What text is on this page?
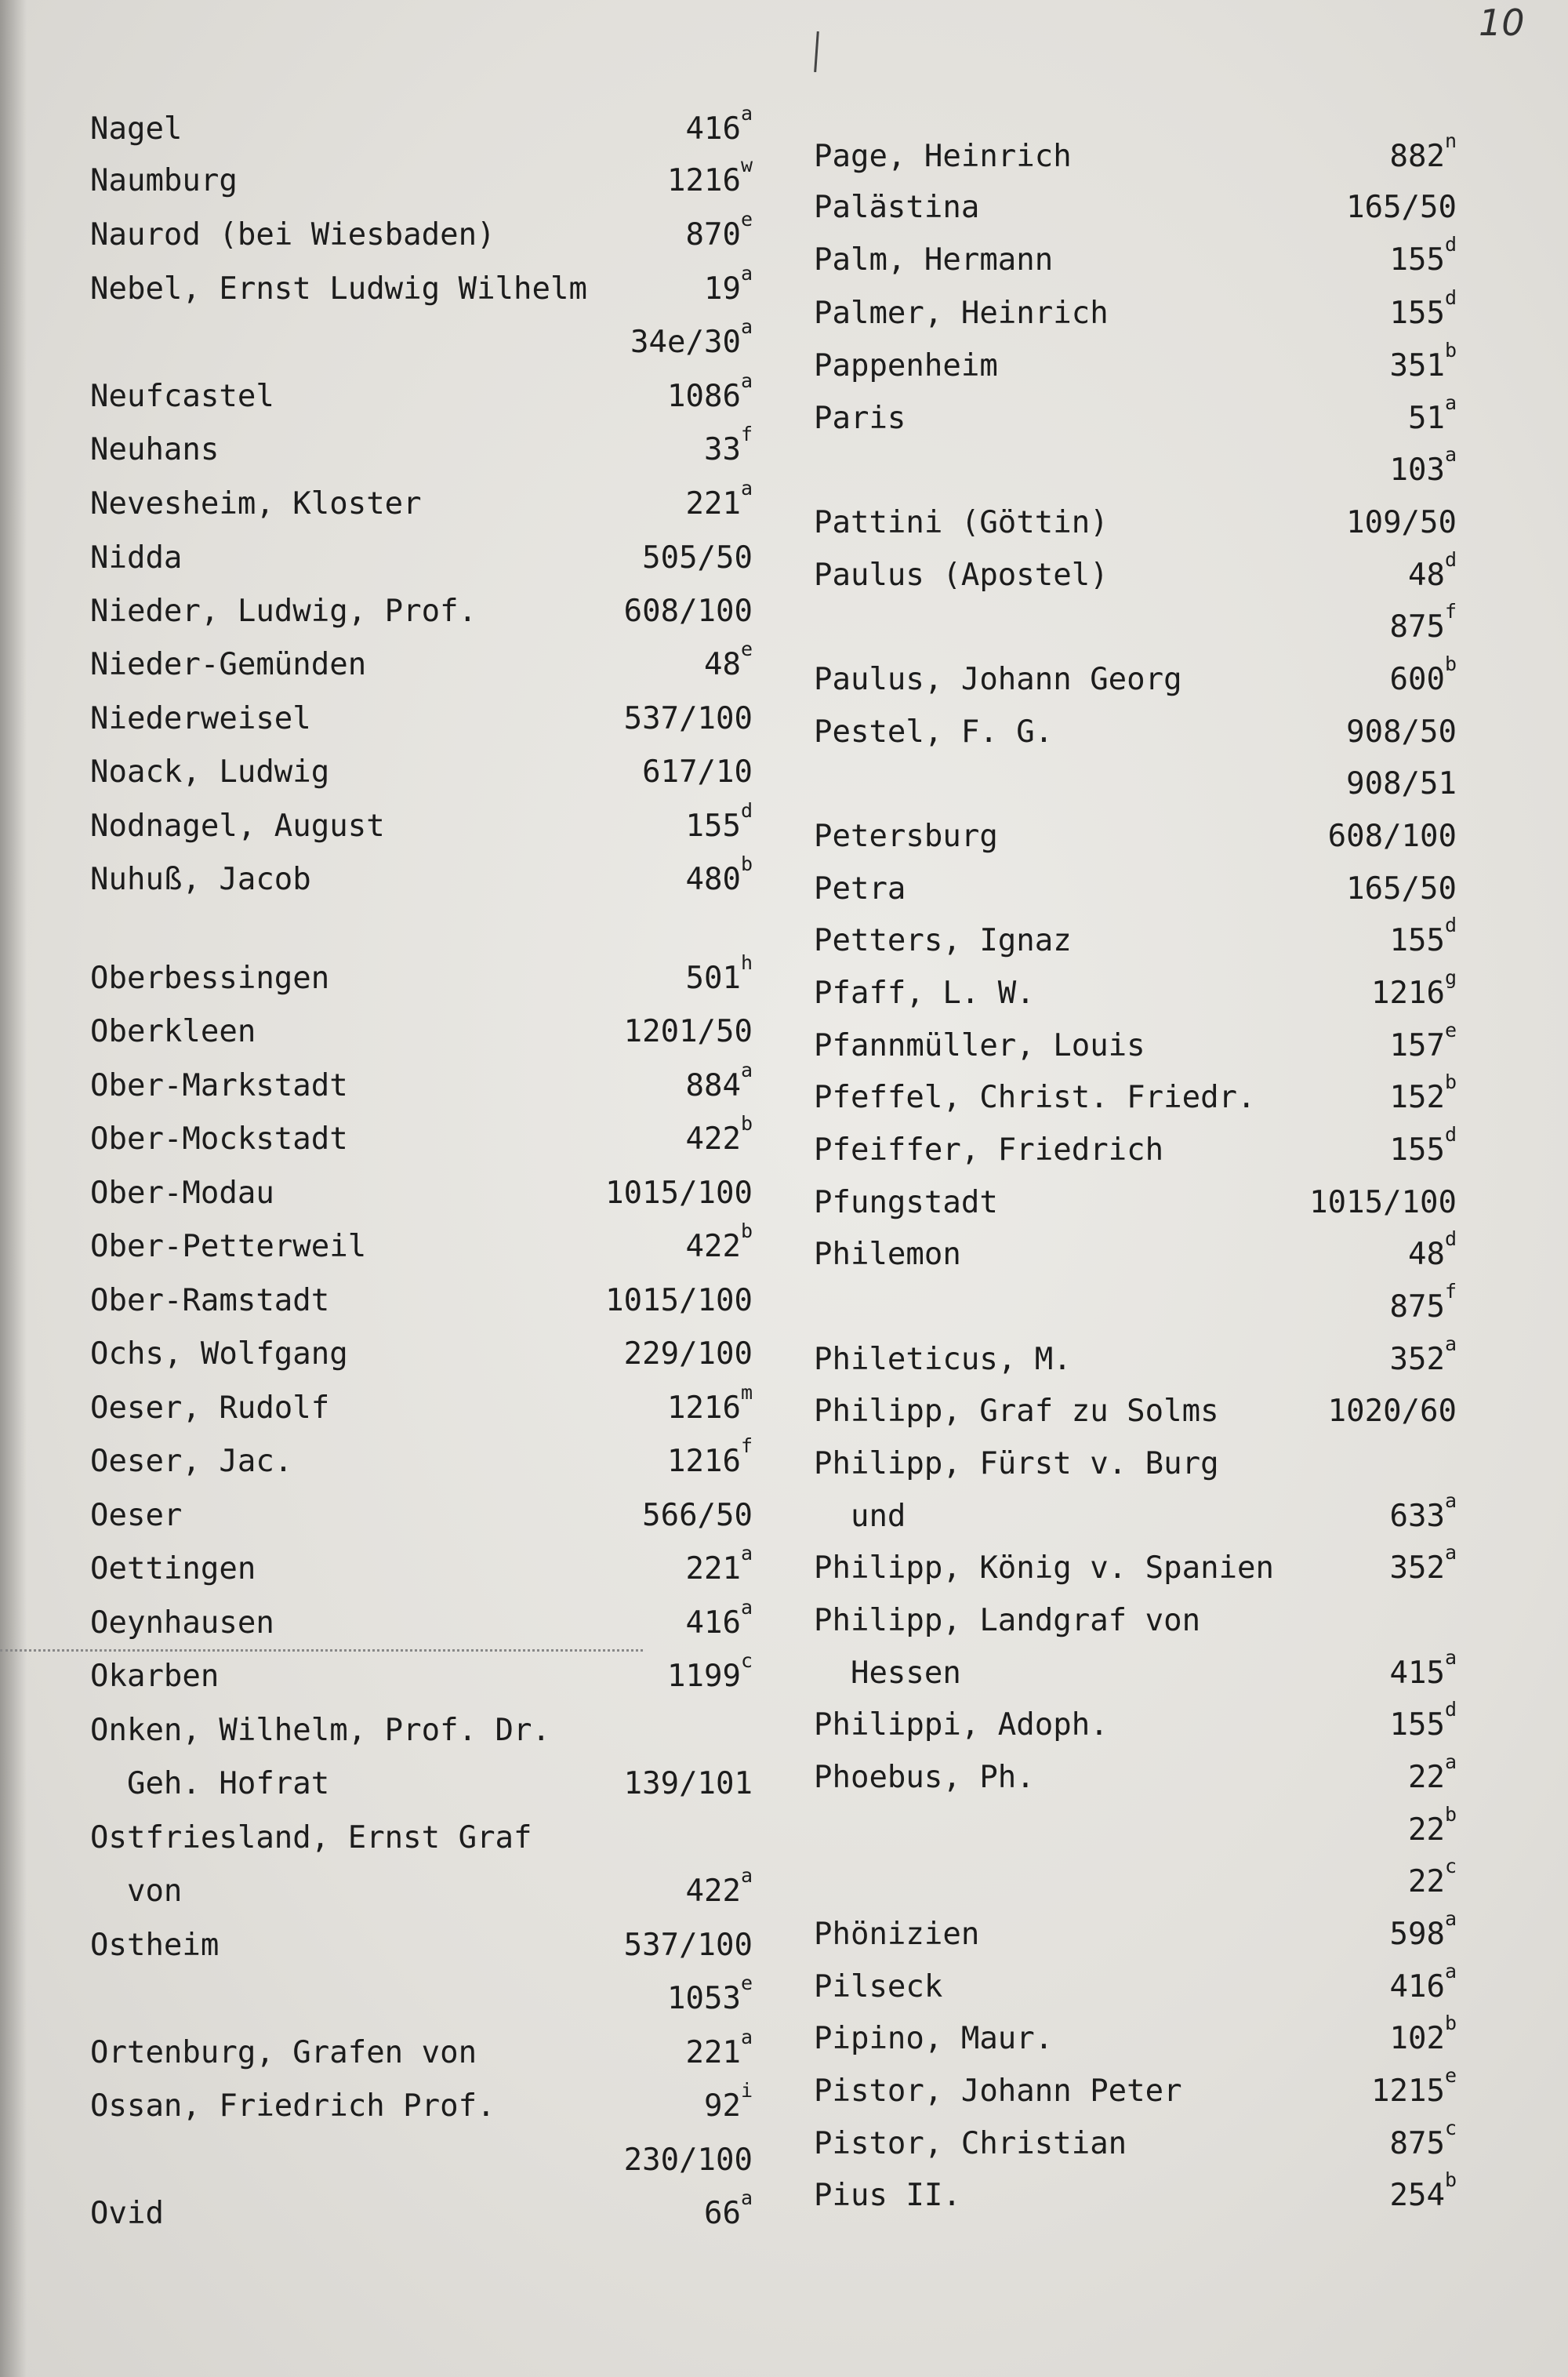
10
Nagel	416$^a$
Naumburg	1216$^w$
Naurod (bei Wiesbaden)	870e
Nebel, Ernst Ludwig Wilhelm	19$^a$
34e/30$^a$
Neufcastel	1086$^a$
Neuhans	33$^f$
Nevesheim, Kloster	221$^a$
Nidda	505/50
Nieder, Ludwig, Prof.	608/100
Nieder-Gemünden	48e
Niederweisel	537/100
Noack, Ludwig	617/10
Nodnagel, August	155$^d$
Nuhuß, Jacob	480$^b$
Oberbessingen	501$^h$
Oberkleen	1201/50
Ober-Markstadt	884$^a$
Ober-Mockstadt	422$^b$
Ober-Modau	1015/100
Ober-Petterweil	422$^b$
Ober-Ramstadt	1015/100
Ochs, Wolfgang	229/100
Oeser, Rudolf	1216$^m$
Oeser, Jac.	1216$^f$
Oeser	566/50
Oettingen	221$^a$
Oeynhausen	416$^a$
Okarben	1199$^c$
Onken, Wilhelm, Prof. Dr.
Geh. Hofrat	139/101
Ostfriesland, Ernst Graf
von	422$^a$
Ostheim	537/100
1053e
Ortenburg, Grafen von	221$^a$
Ossan, Friedrich Prof.	92$^i$
230/100
Ovid	66$^a$
Page, Heinrich	882$^n$
Palästina	165/50
Palm, Hermann	155$^d$
Palmer, Heinrich	155$^d$
Pappenheim	351$^b$
Paris	51$^a$
103$^a$
Pattini (Göttin)	109/50
Paulus (Apostel)	48$^d$
875$^f$
Paulus, Johann Georg	600$^b$
Pestel, F. G.	908/50
908/51
Petersburg	608/100
Petra	165/50
Petters, Ignaz	155$^d$
Pfaff, L. W.	1216$^g$
Pfannmüller, Louis	157e
Pfeffel, Christ. Friedr.	152$^b$
Pfeiffer, Friedrich	155$^d$
Pfungstadt	1015/100
Philemon	48$^d$
875$^f$
Phileticus, M.	352$^a$
Philipp, Graf zu Solms	1020/60
Philipp, Fürst v. Burg
und	633$^a$
Philipp, König v. Spanien	352$^a$
Philipp, Landgraf von
Hessen	415$^a$
Philippi, Adoph.	155$^d$
Phoebus, Ph.	22$^a$
22$^b$
22$^c$
Phönizien	598$^a$
Pilseck	416$^a$
Pipino, Maur.	102$^b$
Pistor, Johann Peter	1215e
Pistor, Christian	875$^c$
Pius II.	254$^b$
